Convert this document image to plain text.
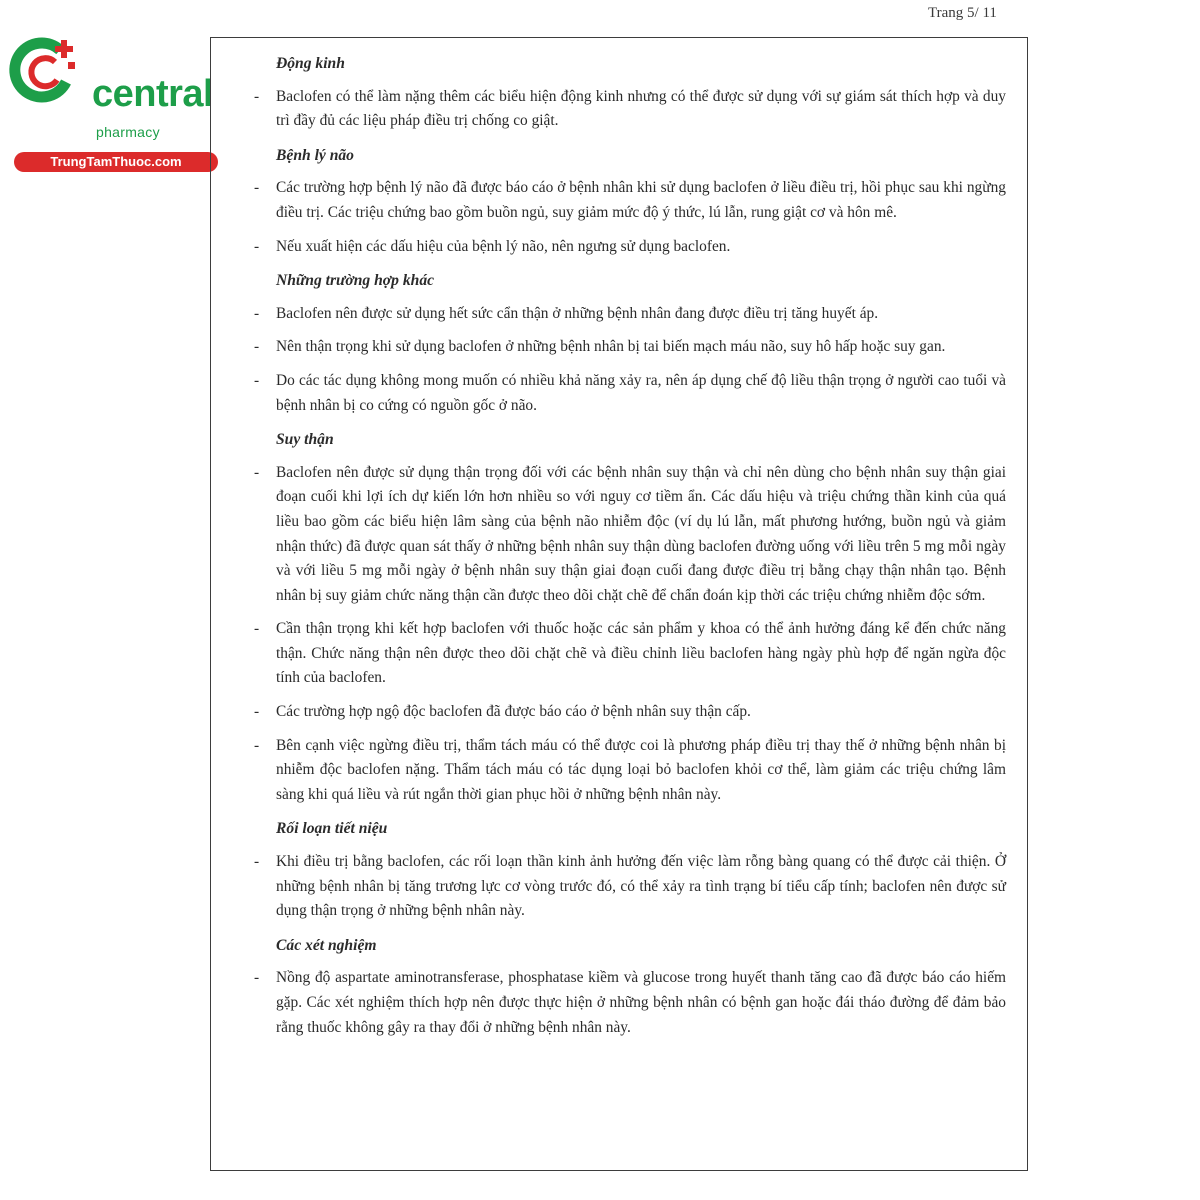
Trang 5/ 11
central
pharmacy
TrungTamThuoc.com
Động kinh
- Baclofen có thể làm nặng thêm các biểu hiện động kinh nhưng có thể được sử dụng với sự giám sát thích hợp và duy trì đầy đủ các liệu pháp điều trị chống co giật.
Bệnh lý não
- Các trường hợp bệnh lý não đã được báo cáo ở bệnh nhân khi sử dụng baclofen ở liều điều trị, hồi phục sau khi ngừng điều trị. Các triệu chứng bao gồm buồn ngủ, suy giảm mức độ ý thức, lú lẫn, rung giật cơ và hôn mê.
- Nếu xuất hiện các dấu hiệu của bệnh lý não, nên ngưng sử dụng baclofen.
Những trường hợp khác
- Baclofen nên được sử dụng hết sức cẩn thận ở những bệnh nhân đang được điều trị tăng huyết áp.
- Nên thận trọng khi sử dụng baclofen ở những bệnh nhân bị tai biến mạch máu não, suy hô hấp hoặc suy gan.
- Do các tác dụng không mong muốn có nhiều khả năng xảy ra, nên áp dụng chế độ liều thận trọng ở người cao tuổi và bệnh nhân bị co cứng có nguồn gốc ở não.
Suy thận
- Baclofen nên được sử dụng thận trọng đối với các bệnh nhân suy thận và chỉ nên dùng cho bệnh nhân suy thận giai đoạn cuối khi lợi ích dự kiến lớn hơn nhiều so với nguy cơ tiềm ẩn. Các dấu hiệu và triệu chứng thần kinh của quá liều bao gồm các biểu hiện lâm sàng của bệnh não nhiễm độc (ví dụ lú lẫn, mất phương hướng, buồn ngủ và giảm nhận thức) đã được quan sát thấy ở những bệnh nhân suy thận dùng baclofen đường uống với liều trên 5 mg mỗi ngày và với liều 5 mg mỗi ngày ở bệnh nhân suy thận giai đoạn cuối đang được điều trị bằng chạy thận nhân tạo. Bệnh nhân bị suy giảm chức năng thận cần được theo dõi chặt chẽ để chẩn đoán kịp thời các triệu chứng nhiễm độc sớm.
- Cần thận trọng khi kết hợp baclofen với thuốc hoặc các sản phẩm y khoa có thể ảnh hưởng đáng kể đến chức năng thận. Chức năng thận nên được theo dõi chặt chẽ và điều chỉnh liều baclofen hàng ngày phù hợp để ngăn ngừa độc tính của baclofen.
- Các trường hợp ngộ độc baclofen đã được báo cáo ở bệnh nhân suy thận cấp.
- Bên cạnh việc ngừng điều trị, thẩm tách máu có thể được coi là phương pháp điều trị thay thế ở những bệnh nhân bị nhiễm độc baclofen nặng. Thẩm tách máu có tác dụng loại bỏ baclofen khỏi cơ thể, làm giảm các triệu chứng lâm sàng khi quá liều và rút ngắn thời gian phục hồi ở những bệnh nhân này.
Rối loạn tiết niệu
- Khi điều trị bằng baclofen, các rối loạn thần kinh ảnh hưởng đến việc làm rỗng bàng quang có thể được cải thiện. Ở những bệnh nhân bị tăng trương lực cơ vòng trước đó, có thể xảy ra tình trạng bí tiểu cấp tính; baclofen nên được sử dụng thận trọng ở những bệnh nhân này.
Các xét nghiệm
- Nồng độ aspartate aminotransferase, phosphatase kiềm và glucose trong huyết thanh tăng cao đã được báo cáo hiếm gặp. Các xét nghiệm thích hợp nên được thực hiện ở những bệnh nhân có bệnh gan hoặc đái tháo đường để đảm bảo rằng thuốc không gây ra thay đổi ở những bệnh nhân này.
